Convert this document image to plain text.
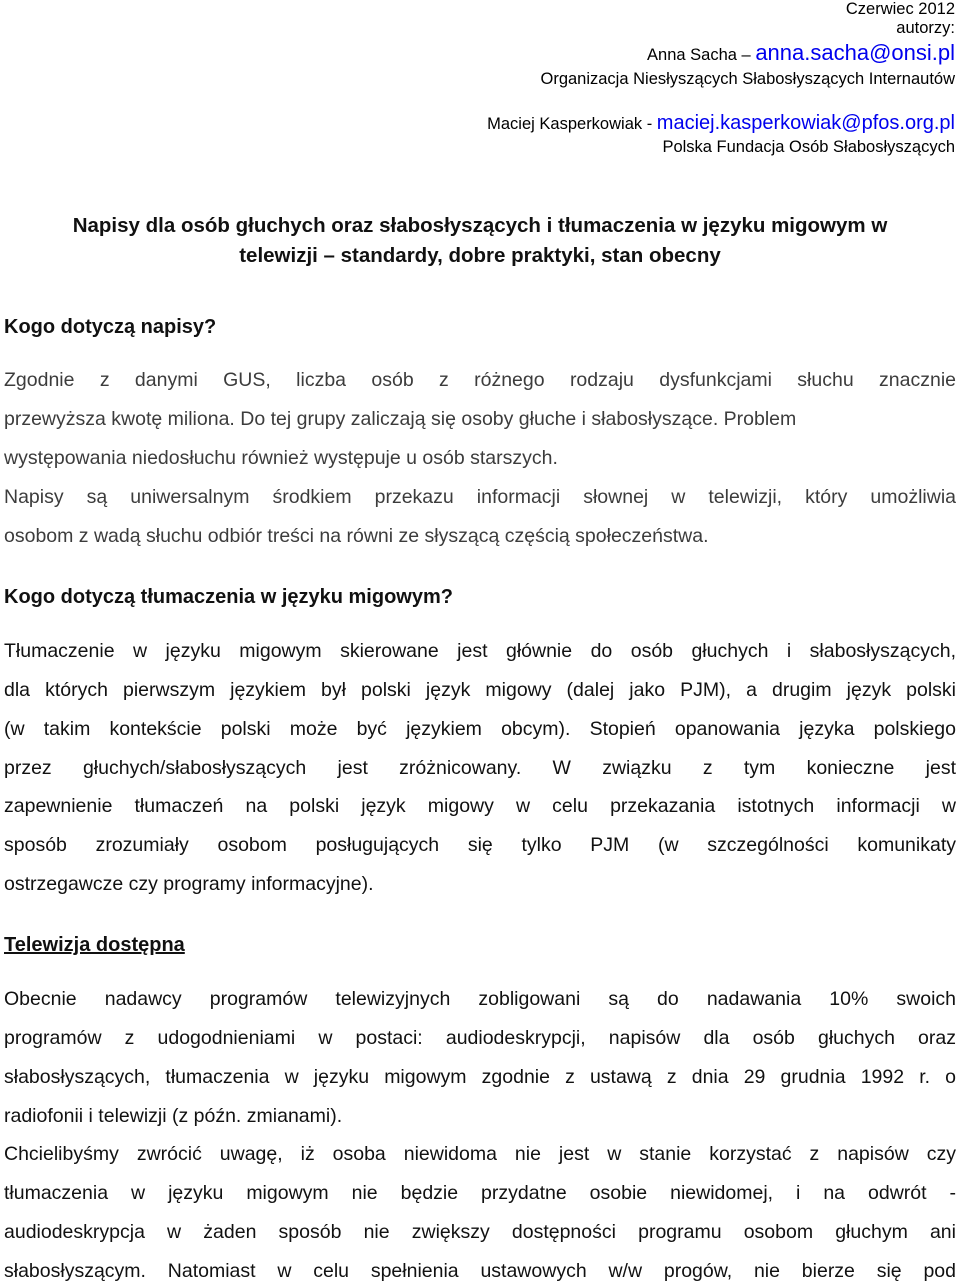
Czerwiec 2012
autorzy:
Anna Sacha – anna.sacha@onsi.pl
Organizacja Niesłyszących Słabosłyszących Internautów
Maciej Kasperkowiak - maciej.kasperkowiak@pfos.org.pl
Polska Fundacja Osób Słabosłyszących
Napisy dla osób głuchych oraz słabosłyszących i tłumaczenia w języku migowym w
telewizji – standardy, dobre praktyki, stan obecny
Kogo dotyczą napisy?
Zgodnie z danymi GUS, liczba osób z różnego rodzaju dysfunkcjami słuchu znacznie
przewyższa kwotę miliona. Do tej grupy zaliczają się osoby głuche i słabosłyszące. Problem
występowania niedosłuchu również występuje u osób starszych.
Napisy są uniwersalnym środkiem przekazu informacji słownej w telewizji, który umożliwia
osobom z wadą słuchu odbiór treści na równi ze słyszącą częścią społeczeństwa.
Kogo dotyczą tłumaczenia w języku migowym?
Tłumaczenie w języku migowym skierowane jest głównie do osób głuchych i słabosłyszących,
dla których pierwszym językiem był polski język migowy (dalej jako PJM), a drugim język polski
(w takim kontekście polski może być językiem obcym). Stopień opanowania języka polskiego
przez głuchych/słabosłyszących jest zróżnicowany. W związku z tym konieczne jest
zapewnienie tłumaczeń na polski język migowy w celu przekazania istotnych informacji w
sposób zrozumiały osobom posługujących się tylko PJM (w szczególności komunikaty
ostrzegawcze czy programy informacyjne).
Telewizja dostępna
Obecnie nadawcy programów telewizyjnych zobligowani są do nadawania 10% swoich
programów z udogodnieniami w postaci: audiodeskrypcji, napisów dla osób głuchych oraz
słabosłyszących, tłumaczenia w języku migowym zgodnie z ustawą z dnia 29 grudnia 1992 r. o
radiofonii i telewizji (z późn. zmianami).
Chcielibyśmy zwrócić uwagę, iż osoba niewidoma nie jest w stanie korzystać z napisów czy
tłumaczenia w języku migowym nie będzie przydatne osobie niewidomej, i na odwrót -
audiodeskrypcja w żaden sposób nie zwiększy dostępności programu osobom głuchym ani
słabosłyszącym. Natomiast w celu spełnienia ustawowych w/w progów, nie bierze się pod
